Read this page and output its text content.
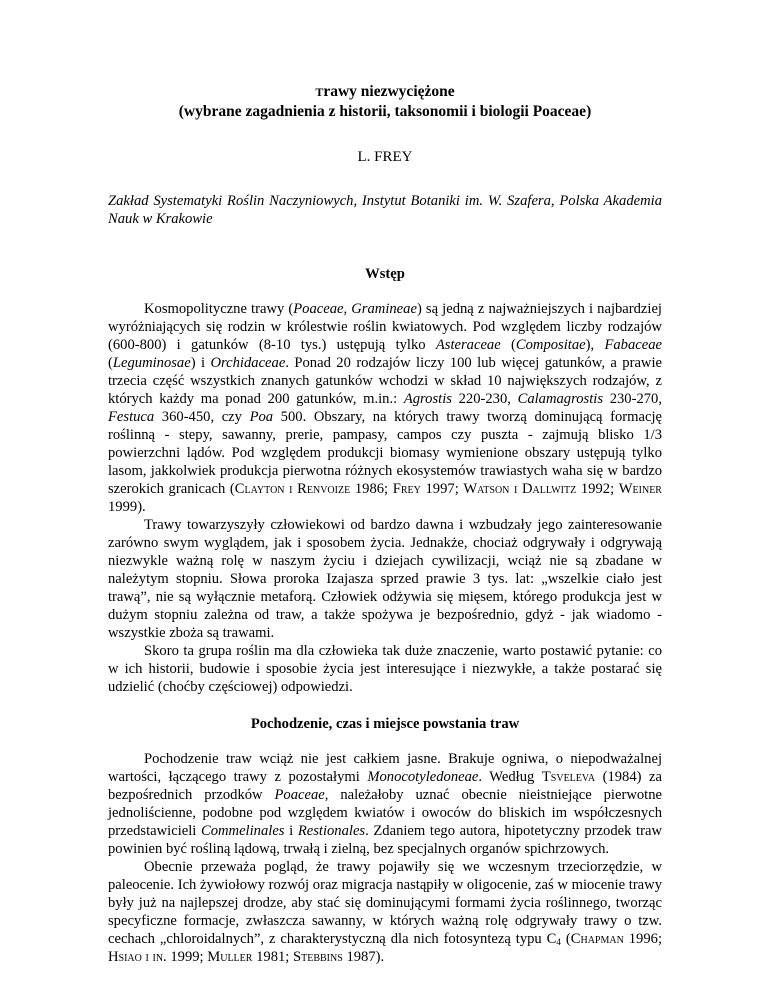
Trawy niezwyciężone
(wybrane zagadnienia z historii, taksonomii i biologii Poaceae)
L. FREY
Zakład Systematyki Roślin Naczyniowych, Instytut Botaniki im. W. Szafera, Polska Akademia Nauk w Krakowie
Wstęp

Kosmopolityczne trawy (Poaceae, Gramineae) są jedną z najważniejszych i najbardziej wyróżniających się rodzin w królestwie roślin kwiatowych. Pod względem liczby rodzajów (600-800) i gatunków (8-10 tys.) ustępują tylko Asteraceae (Compositae), Fabaceae (Leguminosae) i Orchidaceae. Ponad 20 rodzajów liczy 100 lub więcej gatunków, a prawie trzecia część wszystkich znanych gatunków wchodzi w skład 10 największych rodzajów, z których każdy ma ponad 200 gatunków, m.in.: Agrostis 220-230, Calamagrostis 230-270, Festuca 360-450, czy Poa 500. Obszary, na których trawy tworzą dominującą formację roślinną - stepy, sawanny, prerie, pampasy, campos czy puszta - zajmują blisko 1/3 powierzchni lądów. Pod względem produkcji biomasy wymienione obszary ustępują tylko lasom, jakkolwiek produkcja pierwotna różnych ekosystemów trawiastych waha się w bardzo szerokich granicach (Clayton i Renvoize 1986; Frey 1997; Watson i Dallwitz 1992; Weiner 1999).

Trawy towarzyszyły człowiekowi od bardzo dawna i wzbudzały jego zainteresowanie zarówno swym wyglądem, jak i sposobem życia. Jednakże, chociaż odgrywały i odgrywają niezwykle ważną rolę w naszym życiu i dziejach cywilizacji, wciąż nie są zbadane w należytym stopniu. Słowa proroka Izajasza sprzed prawie 3 tys. lat: „wszelkie ciało jest trawą”, nie są wyłącznie metaforą. Człowiek odżywia się mięsem, którego produkcja jest w dużym stopniu zależna od traw, a także spożywa je bezpośrednio, gdyż - jak wiadomo - wszystkie zboża są trawami.

Skoro ta grupa roślin ma dla człowieka tak duże znaczenie, warto postawić pytanie: co w ich historii, budowie i sposobie życia jest interesujące i niezwykłe, a także postarać się udzielić (choćby częściowej) odpowiedzi.

Pochodzenie, czas i miejsce powstania traw

Pochodzenie traw wciąż nie jest całkiem jasne. Brakuje ogniwa, o niepodważalnej wartości, łączącego trawy z pozostałymi Monocotyledoneae. Według Tsveleva (1984) za bezpośrednich przodków Poaceae, należałoby uznać obecnie nieistniejące pierwotne jednoliścienne, podobne pod względem kwiatów i owoców do bliskich im współczesnych przedstawicieli Commelinales i Restionales. Zdaniem tego autora, hipotetyczny przodek traw powinien być rośliną lądową, trwałą i zielną, bez specjalnych organów spichrzowych.

Obecnie przeważa pogląd, że trawy pojawiły się we wczesnym trzeciorzędzie, w paleocenie. Ich żywiołowy rozwój oraz migracja nastąpiły w oligocenie, zaś w miocenie trawy były już na najlepszej drodze, aby stać się dominującymi formami życia roślinnego, tworząc specyficzne formacje, zwłaszcza sawanny, w których ważną rolę odgrywały trawy o tzw. cechach „chloroidalnych”, z charakterystyczną dla nich fotosyntezą typu $C_4$ (Chapman 1996; Hsiao i in. 1999; Muller 1981; Stebbins 1987).
